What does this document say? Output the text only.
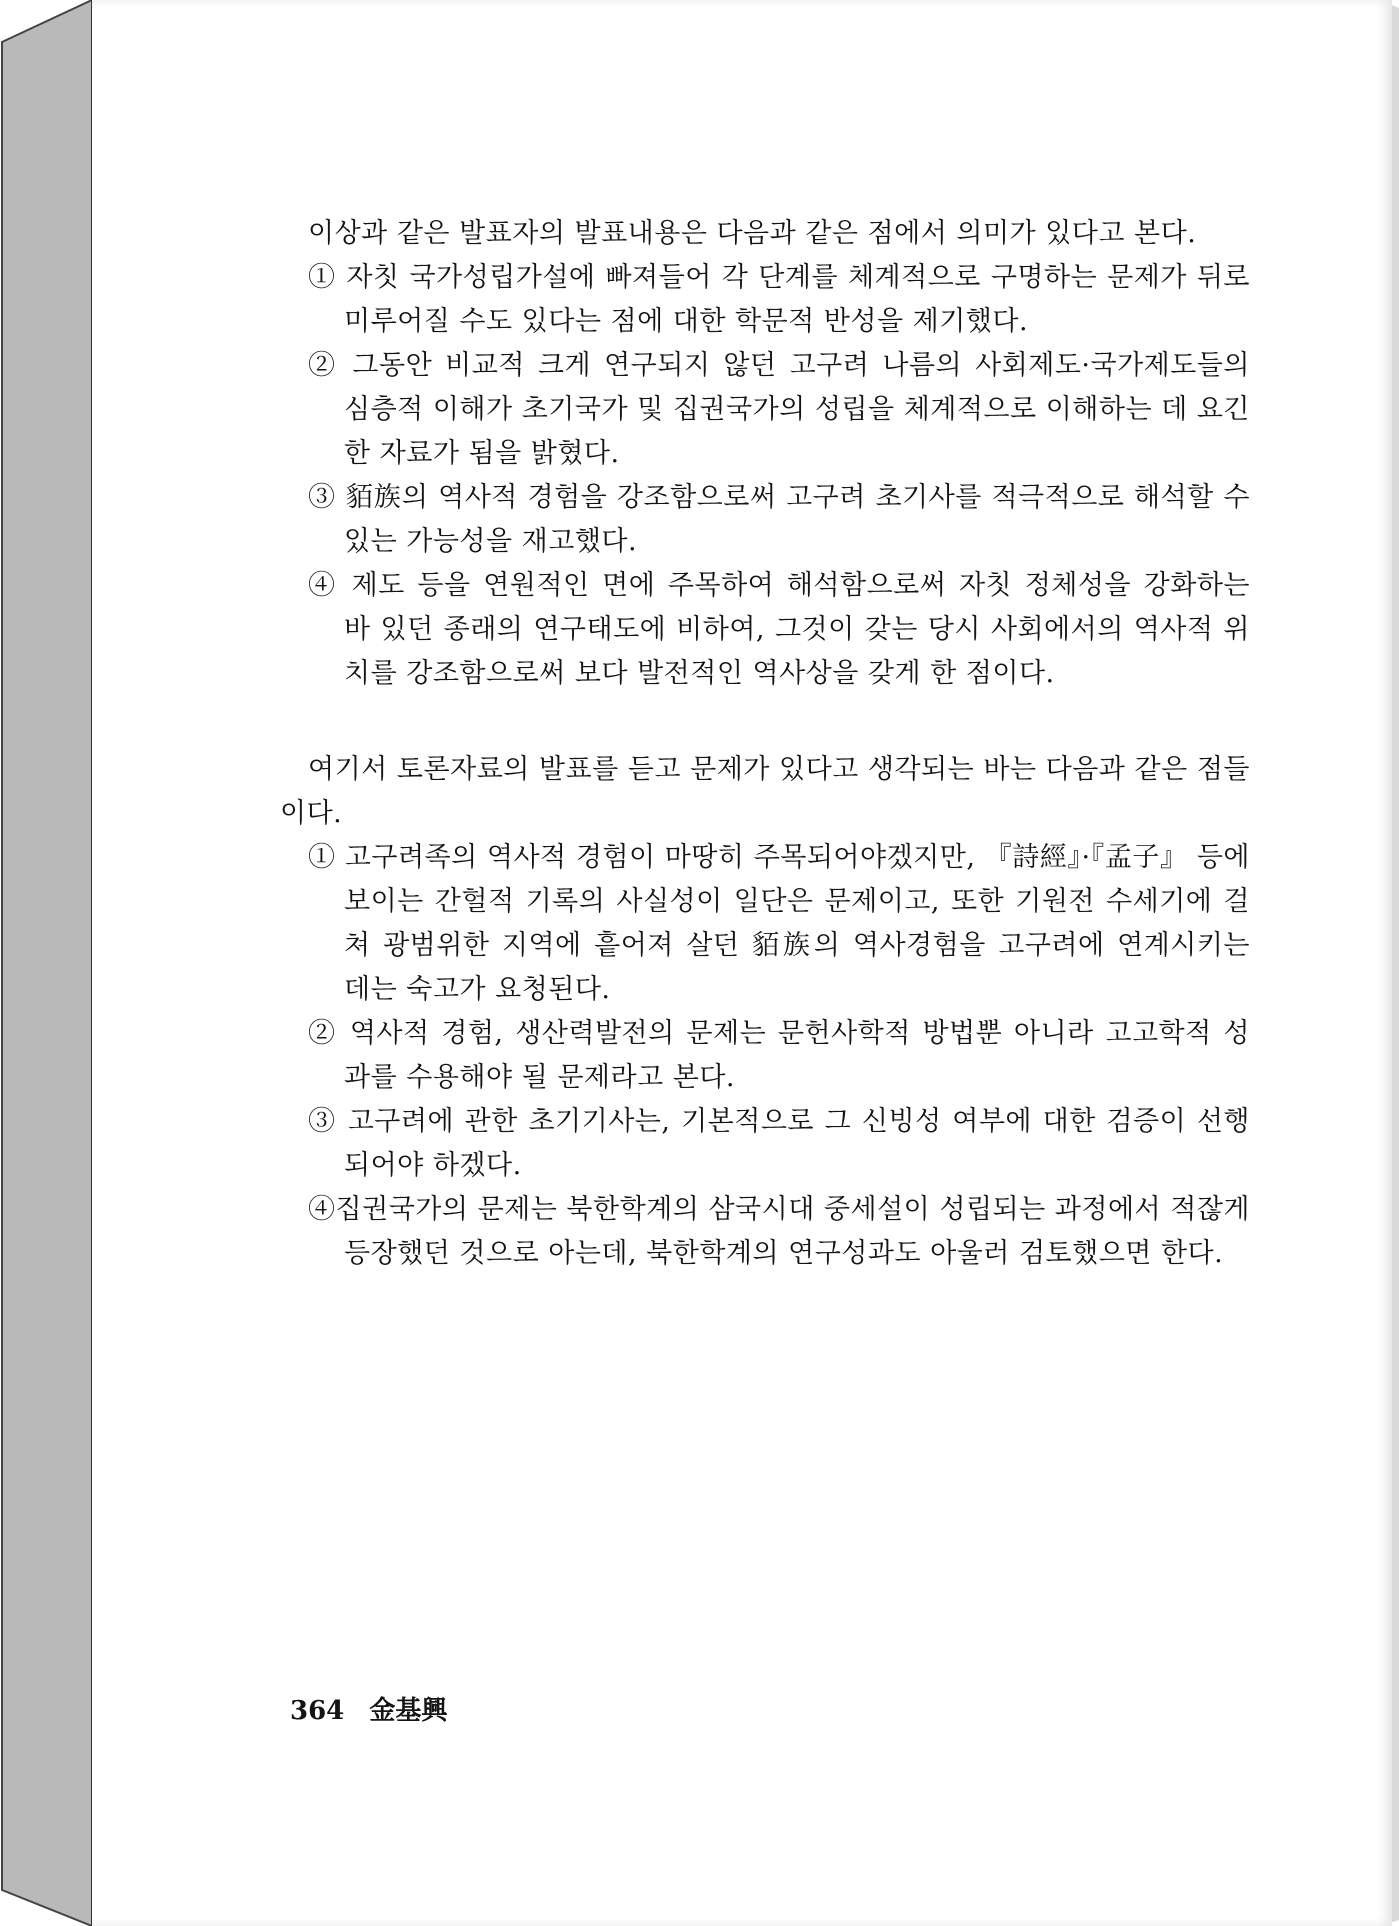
이상과 같은 발표자의 발표내용은 다음과 같은 점에서 의미가 있다고 본다.

① 자칫 국가성립가설에 빠져들어 각 단계를 체계적으로 구명하는 문제가 뒤로 미루어질 수도 있다는 점에 대한 학문적 반성을 제기했다.

② 그동안 비교적 크게 연구되지 않던 고구려 나름의 사회제도·국가제도들의 심층적 이해가 초기국가 및 집권국가의 성립을 체계적으로 이해하는 데 요긴한 자료가 됨을 밝혔다.

③ 貊族의 역사적 경험을 강조함으로써 고구려 초기사를 적극적으로 해석할 수 있는 가능성을 재고했다.

④ 제도 등을 연원적인 면에 주목하여 해석함으로써 자칫 정체성을 강화하는 바 있던 종래의 연구태도에 비하여, 그것이 갖는 당시 사회에서의 역사적 위치를 강조함으로써 보다 발전적인 역사상을 갖게 한 점이다.

여기서 토론자료의 발표를 듣고 문제가 있다고 생각되는 바는 다음과 같은 점들이다.

① 고구려족의 역사적 경험이 마땅히 주목되어야겠지만, 『詩經』·『孟子』 등에 보이는 간헐적 기록의 사실성이 일단은 문제이고, 또한 기원전 수세기에 걸쳐 광범위한 지역에 흩어져 살던 貊族의 역사경험을 고구려에 연계시키는 데는 숙고가 요청된다.

② 역사적 경험, 생산력발전의 문제는 문헌사학적 방법뿐 아니라 고고학적 성과를 수용해야 될 문제라고 본다.

③ 고구려에 관한 초기기사는, 기본적으로 그 신빙성 여부에 대한 검증이 선행되어야 하겠다.

④집권국가의 문제는 북한학계의 삼국시대 중세설이 성립되는 과정에서 적잖게 등장했던 것으로 아는데, 북한학계의 연구성과도 아울러 검토했으면 한다.

364 金基興
